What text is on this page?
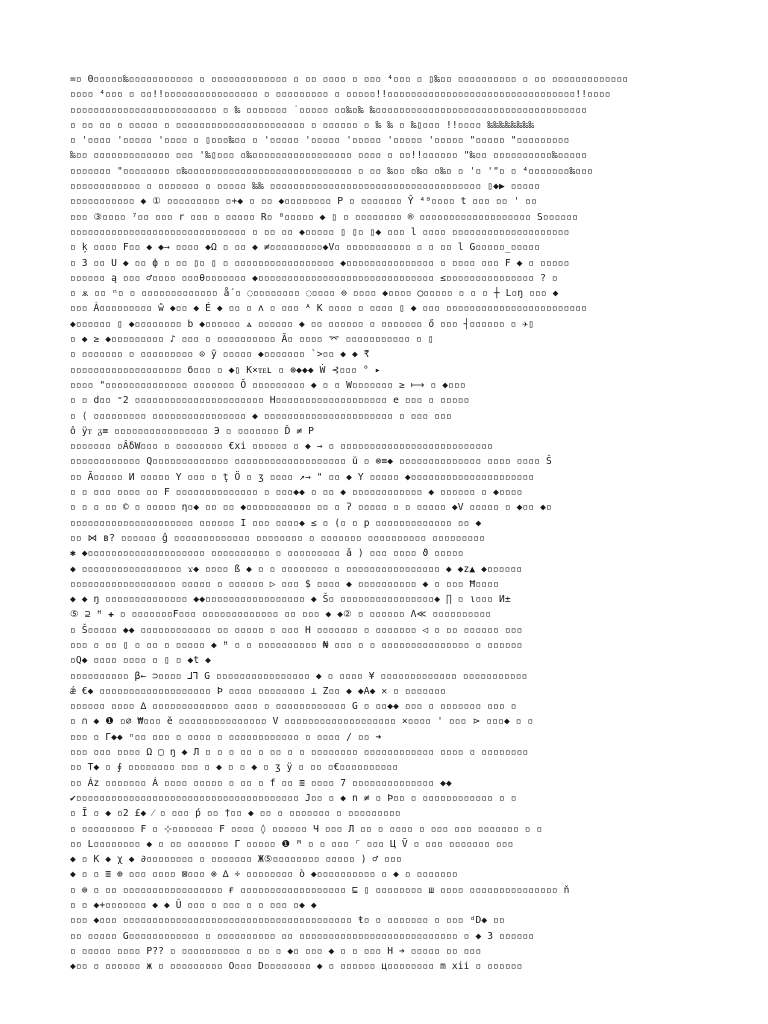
=▫ Θ▫▫▫▫▫‰▫▫▫▫▫▫▫▫▫▫▫ ▫ ▫▫▫▫▫▫▫▫▫▫▫▫▫ ▫ ▫▫ ▫▫▫▫ ▫ ▫▫▫ ⁴▫▫▫ ▫ ▯‰▫▫ ▫▫▫▫▫▫▫▫▫▫ ▫ ▫▫ ▫▫▫▫▫▫▫▫▫▫▫▫▫
▫▫▫▫ ⁴▫▫▫ ▫ ▫▫!!▫▫▫▫▫▫▫▫▫▫▫▫▫▫▫▫ ▫ ▫▫▫▫▫▫▫▫▫ ▫ ▫▫▫▫▫!!▫▫▫▫▫▫▫▫▫▫▫▫▫▫▫▫▫▫▫▫▫▫▫▫▫▫▫▫▫▫▫▫!!▫▫▫▫
▫▫▫▫▫▫▫▫▫▫▫▫▫▫▫▫▫▫▫▫▫▫▫▫▫ ▫ ‰ ▫▫▫▫▫▫▫ ˙▫▫▫▫▫ ▫▫‰▫‰ ‰▫▫▫▫▫▫▫▫▫▫▫▫▫▫▫▫▫▫▫▫▫▫▫▫▫▫▫▫▫▫▫▫▫▫▫▫
▫ ▫▫ ▫▫ ▫ ▫▫▫▫▫ ▫ ▫▫▫▫▫▫▫▫▫▫▫▫▫▫▫▫▫▫▫▫▫▫ ▫ ▫▫▫▫▫▫ ▫ ‰ ‰ ▫ ‰▯▫▫▫ !!▫▫▫▫ ‰‰‰‰‰‰‰‰
▫ '▫▫▫▫ '▫▫▫▫▫ '▫▫▫▫ ▫ ▯▫▫▫‰▫▫ ▫ '▫▫▫▫▫ '▫▫▫▫▫ '▫▫▫▫▫ '▫▫▫▫▫ '▫▫▫▫▫ "▫▫▫▫▫ "▫▫▫▫▫▫▫▫▫
‰▫▫ ▫▫▫▫▫▫▫▫▫▫▫▫▫ ▫▫▫ '‰▯▫▫▫ ▫‰▫▫▫▫▫▫▫▫▫▫▫▫▫▫▫▫▫ ▫▫▫▫ ▫ ▫▫!!▫▫▫▫▫▫ "‰▫▫ ▫▫▫▫▫▫▫▫▫▫‰▫▫▫▫▫
▫▫▫▫▫▫▫ "▫▫▫▫▫▫▫▫ ▫‰▫▫▫▫▫▫▫▫▫▫▫▫▫▫▫▫▫▫▫▫▫▫▫▫▫▫▫▫ ▫ ▫▫ ‰▫▫ ▫‰▫ ▫‰▫ ▫ '▫ '"▫ ▫ ⁴▫▫▫▫▫▫▫‰▫▫▫
▫▫▫▫▫▫▫▫▫▫▫▫ ▫ ▫▫▫▫▫▫▫ ▫ ▫▫▫▫▫ ‰‰ ▫▫▫▫▫▫▫▫▫▫▫▫▫▫▫▫▫▫▫▫▫▫▫▫▫▫▫▫▫▫▫▫▫▫▫▫ ▯◆▶ ▫▫▫▫▫
▫▫▫▫▫▫▫▫▫▫▫ ◆ ① ▫▫▫▫▫▫▫▫▫ ▫+◆ ▫ ▫▫ ◆▫▫▫▫▫▫▫▫ P ▫ ▫▫▫▫▫▫▫ Ŷ ⁴⁰▫▫▫▫ t ▫▫▫ ▫▫ ' ▫▫
▫▫▫ ③▫▫▫▫ ⁷▫▫ ▫▫▫ r ▫▫▫ ▫ ▫▫▫▫▫ R▫ ⁰▫▫▫▫▫ ◆ ▯ ▫ ▫▫▫▫▫▫▫▫ ® ▫▫▫▫▫▫▫▫▫▫▫▫▫▫▫▫▫▫▫ S▫▫▫▫▫▫
▫▫▫▫▫▫▫▫▫▫▫▫▫▫▫▫▫▫▫▫▫▫▫▫▫▫▫▫▫▫ ▫ ▫▫ ▫▫ ◆▫▫▫▫▫ ▯ ▯▫ ▯◆ ▫▫▫ l ▫▫▫▫ ▫▫▫▫▫▫▫▫▫▫▫▫▫▫▫▫▫▫▫▫
▫ ķ ▫▫▫▫ F▫▫ ◆ ◆→ ▫▫▫▫ ◆Ω ▫ ▫▫ ◆ ≠▫▫▫▫▫▫▫▫▫◆V▫ ▫▫▫▫▫▫▫▫▫▫▫ ▫ ▫ ▫▫ l G▫▫▫▫▫_▫▫▫▫▫
▫ 3 ▫▫ U ◆ ▫▫ ф ▫ ▫▫ ▯▫ ▯ ▫ ▫▫▫▫▫▫▫▫▫▫▫▫▫▫▫▫▫ ◆▫▫▫▫▫▫▫▫▫▫▫▫▫▫▫ ▫ ▫▫▫▫ ▫▫▫ F ◆ ▫ ▫▫▫▫▫
▫▫▫▫▫▫ ą ▫▫▫ ♂▫▫▫▫ ▫▫▫θ▫▫▫▫▫▫▫ ◆▫▫▫▫▫▫▫▫▫▫▫▫▫▫▫▫▫▫▫▫▫▫▫▫▫▫▫▫▫▫ ≤▫▫▫▫▫▫▫▫▫▫▫▫▫▫▫ ? ▫
▫ ѫ ▫▫ ⁿ▫ ▫ ▫▫▫▫▫▫▫▫▫▫▫▫▫ ǻ ▫ ◌▫▫▫▫▫▫▫▫ ◌▫▫▫▫ ⊖ ▫▫▫▫ ◆▫▫▫▫ ◯▫▫▫▫▫ ▫ ▫ ▫ ┼ L▫ŋ ▫▫▫ ◆
▫▫▫ À▫▫▫▫▫▫▫▫▫ ŵ ◆▫▫ ◆ É ◆ ▫▫ ▫ ʌ ▫ ▫▫▫ ᴬ K ▫▫▫▫ ▫ ▫▫▫▫ ▯ ◆ ▫▫▫ ▫▫▫▫▫▫▫▫▫▫▫▫▫▫▫▫▫▫▫▫▫▫▫▫
◆▫▫▫▫▫▫ ▯ ◆▫▫▫▫▫▫▫▫ b ◆▫▫▫▫▫▫ ѧ ▫▫▫▫▫▫ ◆ ▫▫ ▫▫▫▫▫▫ ▫ ▫▫▫▫▫▫▫ ő ▫▫▫ ┤▫▫▫▫▫▫ ▫ ✈▯
▫ ◆ ≥ ◆▫▫▫▫▫▫▫▫▫ ♪ ▫▫▫ ▫ ▫▫▫▫▫▫▫▫▫▫ Ă▫ ▫▫▫▫ ⌤ ▫▫▫▫▫▫▫▫▫▫▫ ▫ ▯
▫ ▫▫▫▫▫▫▫ ▫ ▫▫▫▫▫▫▫▫▫ ⊙ ỹ ▫▫▫▫▫ ◆▫▫▫▫▫▫▫ `>▫▫ ◆ ◆ ₹
▫▫▫▫▫▫▫▫▫▫▫▫▫▫▫▫▫▫▫ б▫▫▫ ▫ ◆▯ K×ᴛᴇʟ ▫ ⊛◆◆◆ Ẇ ⊰▫▫▫ ° ▸
▫▫▫▫ "▫▫▫▫▫▫▫▫▫▫▫▫▫▫ ▫▫▫▫▫▫▫ Ŏ ▫▫▫▫▫▫▫▫▫ ◆ ▫ ▫ W▫▫▫▫▫▫▫ ≥ ⟼ ▫ ◆▫▫▫
▫ ▫ d▫▫ ⁼2 ▫▫▫▫▫▫▫▫▫▫▫▫▫▫▫▫▫▫▫▫▫▫ H▫▫▫▫▫▫▫▫▫▫▫▫▫▫▫▫▫▫▫ e ▫▫▫ ▫ ▫▫▫▫▫
▫ ⟨ ▫▫▫▫▫▫▫▫▫ ▫▫▫▫▫▫▫▫▫▫▫▫▫▫▫▫ ◆ ▫▫▫▫▫▫▫▫▫▫▫▫▫▫▫▫▫▫▫▫▫▫ ▫ ▫▫▫ ▫▫▫
ô ÿᴛ ᵹ≡ ▫▫▫▫▫▫▫▫▫▫▫▫▫▫▫▫ Э ▫ ▫▫▫▫▫▫▫ Ď ≠ P
▫▫▫▫▫▫▫ ▫ÂδW▫▫▫ ▫ ▫▫▫▫▫▫▫▫ €xi ▫▫▫▫▫▫ ▫ ◆ → ▫ ▫▫▫▫▫▫▫▫▫▫▫▫▫▫▫▫▫▫▫▫▫▫▫▫▫▫
▫▫▫▫▫▫▫▫▫▫▫▫ Q▫▫▫▫▫▫▫▫▫▫▫▫▫ ▫▫▫▫▫▫▫▫▫▫▫▫▫▫▫▫▫▫▫ ŭ ▫ ⊗≡◆ ▫▫▫▫▫▫▫▫▫▫▫▫▫▫ ▫▫▫▫ ▫▫▫▫ Ŝ
▫▫ Ă▫▫▫▫▫ И ▫▫▫▫▫ Y ▫▫▫ ▫ ţ Ö ▫ ʒ ▫▫▫▫ ↗→ " ▫▫ ◆ Y ▫▫▫▫▫ ◆▫▫▫▫▫▫▫▫▫▫▫▫▫▫▫▫▫▫▫▫▫
▫ ▫ ▫▫▫ ▫▫▫▫ ▫▫ F ▫▫▫▫▫▫▫▫▫▫▫▫▫▫ ▫ ▫▫▫◆◆ ▫ ▫▫ ◆ ▫▫▫▫▫▫▫▫▫▫▫▫ ◆ ▫▫▫▫▫▫ ▫ ◆▫▫▫▫
▫ ▫ ▫ ▫▫ © ▫ ▫▫▫▫▫ η▫◆ ▫▫ ▫▫ ◆▫▫▫▫▫▫▫▫▫▫▫ ▫▫ ▫ ʔ ▫▫▫▫▫ ▫ ▫ ▫▫▫▫▫ ◆V ▫▫▫▫▫ ▫ ◆▫▫ ◆▫
▫▫▫▫▫▫▫▫▫▫▫▫▫▫▫▫▫▫▫▫▫ ▫▫▫▫▫▫ I ▫▫▫ ▫▫▫▫◆ ≤ ▫ (▫ ▫ p ▫▫▫▫▫▫▫▫▫▫▫▫▫ ▫▫ ◆
▫▫ ⋈ ʙ? ▫▫▫▫▫▫ ĝ ▫▫▫▫▫▫▫▫▫▫▫▫▫ ▫▫▫▫▫▫▫▫ ▫ ▫▫▫▫▫▫▫ ▫▫▫▫▫▫▫▫▫▫ ▫▫▫▫▫▫▫▫▫
✱ ◆▫▫▫▫▫▫▫▫▫▫▫▫▫▫▫▫▫▫▫▫ ▫▫▫▫▫▫▫▫▫▫ ▫ ▫▫▫▫▫▫▫▫▫ ǎ ) ▫▫▫ ▫▫▫▫ ϑ ▫▫▫▫▫
◆ ▫▫▫▫▫▫▫▫▫▫▫▫▫▫▫▫▫ ϫ◆ ▫▫▫▫ ß ◆ ▫ ▫ ▫▫▫▫▫▫▫▫ ▫ ▫▫▫▫▫▫▫▫▫▫▫▫▫▫▫▫ ◆ ◆z▲ ◆▫▫▫▫▫▫
▫▫▫▫▫▫▫▫▫▫▫▫▫▫▫▫▫▫ ▫▫▫▫▫ ▫ ▫▫▫▫▫▫ ▷ ▫▫▫ $ ▫▫▫▫ ◆ ▫▫▫▫▫▫▫▫▫▫ ◆ ▫ ▫▫▫ Ħ▫▫▫▫
◆ ◆ ŋ ▫▫▫▫▫▫▫▫▫▫▫▫▫▫ ◆◆▫▫▫▫▫▫▫▫▫▫▫▫▫▫▫▫▫ ◆ Š▫ ▫▫▫▫▫▫▫▫▫▫▫▫▫▫▫▫◆ ∏ ▫ ι▫▫▫ И±
⑤ ⊇ ᴴ ✚ ▫ ▫▫▫▫▫▫▫F▫▫▫ ▫▫▫▫▫▫▫▫▫▫▫▫▫ ▫▫ ▫▫▫ ◆ ◆② ▫ ▫▫▫▫▫▫ Λ≪ ▫▫▫▫▫▫▫▫▫▫
▫ Š▫▫▫▫▫ ◆◆ ▫▫▫▫▫▫▫▫▫▫▫▫ ▫▫ ▫▫▫▫▫ ▫ ▫▫▫ H ▫▫▫▫▫▫▫ ▫ ▫▫▫▫▫▫▫ ◁ ▫ ▫▫ ▫▫▫▫▫▫ ▫▫▫
▫▫▫ ▫ ▫▫ ▯ ▫ ▫▫ ▫ ▫▫▫▫▫ ◆ ᴴ ▫ ▫ ▫▫▫▫▫▫▫▫▫▫ ₦ ▫▫▫ ▫ ▫ ▫▫▫▫▫▫▫▫▫▫▫▫▫▫▫ ▫ ▫▫▫▫▫▫
▫Q◆ ▫▫▫▫ ▫▫▫▫ ▫ ▯ ▫ ◆t ◆
▫▫▫▫▫▫▫▫▫▫ β← ⊃▫▫▫▫ ⅃⅂ G ▫▫▫▫▫▫▫▫▫▫▫▫▫▫▫▫ ◆ ▫ ▫▫▫▫ ¥ ▫▫▫▫▫▫▫▫▫▫▫▫▫ ▫▫▫▫▫▫▫▫▫▫▫
ǽ €◆ ▫▫▫▫▫▫▫▫▫▫▫▫▫▫▫▫▫▫▫ Þ ▫▫▫▫ ▫▫▫▫▫▫▫▫ ⊥ Z▫▫ ◆ ◆A◆ ✕ ▫ ▫▫▫▫▫▫▫
▫▫▫▫▫▫ ▫▫▫▫ ∆ ▫▫▫▫▫▫▫▫▫▫▫▫▫ ▫▫▫▫ ▫ ▫▫▫▫▫▫▫▫▫▫▫▫ G ▫ ▫▫◆◆ ▫▫▫ ▫ ▫▫▫▫▫▫▫ ▫▫▫ ▫
▫ ∩ ◆ ❶ ▫⌀ ₩▫▫▫ ĕ ▫▫▫▫▫▫▫▫▫▫▫▫▫▫▫ V ▫▫▫▫▫▫▫▫▫▫▫▫▫▫▫▫▫▫▫ ×▫▫▫▫ ' ▫▫▫ ⋗ ▫▫▫◆ ▫ ▫
▫▫▫ ▫ Γ◆◆ ⁿ▫▫ ▫▫▫ ▫ ▫▫▫▫ ▫ ▫▫▫▫▫▫▫▫▫▫▫▫ ▫ ▫▫▫▫ / ▫▫ ➜
▫▫▫ ▫▫▫ ▫▫▫▫ Ω ▢ ŋ ◆ Л ▫ ▫ ▫ ▫▫ ▫ ▫▫ ▫ ▫ ▫▫▫▫▫▫▫▫ ▫▫▫▫▫▫▫▫▫▫▫▫ ▫▫▫▫ ▫ ▫▫▫▫▫▫▫▫
▫▫ T◆ ▫ ∮ ▫▫▫▫▫▫▫▫ ▫▫▫ ▫ ◆ ▫ ▫ ◆ ▫ ʒ ÿ ▫ ▫▫ ▫€▫▫▫▫▫▫▫▫▫▫
▫▫ Áz ▫▫▫▫▫▫▫ Á ▫▫▫▫ ▫▫▫▫▫ ▫ ▫▫ ▫ f ▫▫ ≣ ▫▫▫▫ 7 ▫▫▫▫▫▫▫▫▫▫▫▫▫▫ ◆◆
✔▫▫▫▫▫▫▫▫▫▫▫▫▫▫▫▫▫▫▫▫▫▫▫▫▫▫▫▫▫▫▫▫▫▫▫▫▫▫ J▫▫ ▫ ◆ n ≠ ▫ Þ▫▫ ▫ ▫▫▫▫▫▫▫▫▫▫▫▫ ▫ ▫
▫ Ĩ ▫ ◆ ▫2 £◆ ⁄ ▫ ▫▫▫ ṕ ▫▫ †▫▫ ◆ ▫▫ ▫ ▫▫▫▫▫▫▫ ▫ ▫▫▫▫▫▫▫▫▫
▫ ▫▫▫▫▫▫▫▫▫ F ▫ ⊹▫▫▫▫▫▫▫ F ▫▫▫▫ ◊ ▫▫▫▫▫▫ Ч ▫▫▫ Л ▫▫ ▫ ▫▫▫▫ ▫ ▫▫▫ ▫▫▫ ▫▫▫▫▫▫▫ ▫ ▫
▫▫ L▫▫▫▫▫▫▫▫ ◆ ▫ ▫▫ ▫▫▫▫▫▫▫ Γ ▫▫▫▫▫ ❶ ᴹ ▫ ▫ ▫▫▫ ⌜ ▫▫▫ Ц Ṽ ▫ ▫▫▫ ▫▫▫▫▫▫▫ ▫▫▫
◆ ▫ K ◆ χ ◆ ∂▫▫▫▫▫▫▫▫ ▫ ▫▫▫▫▫▫▫ Ж⑤▫▫▫▫▫▫▫▫ ▫▫▫▫▫ ) ♂ ▫▫▫
◆ ▫ ▫ ≣ ⊕ ▫▫▫ ▫▫▫▫ ⊠▫▫▫ ⊚ ∆ ÷ ▫▫▫▫▫▫▫▫ ò ◆▫▫▫▫▫▫▫▫▫▫ ▫ ◆ ▫ ▫▫▫▫▫▫▫
▫ ⊚ ▫ ▫▫ ▫▫▫▫▫▫▫▫▫▫▫▫▫▫▫▫▫ ғ ▫▫▫▫▫▫▫▫▫▫▫▫▫▫▫▫▫▫ ⊑ ▯ ▫▫▫▫▫▫▫▫ ш ▫▫▫▫ ▫▫▫▫▫▫▫▫▫▫▫▫▫▫▫ ň
▫ ▫ ◆+▫▫▫▫▫▫▫ ◆ ◆ Û ▫▫▫ ▫ ▫▫▫ ▫ ▫ ▫▫▫ ▫◆ ◆
▫▫▫ ◆▫▫▫ ▫▫▫▫▫▫▫▫▫▫▫▫▫▫▫▫▫▫▫▫▫▫▫▫▫▫▫▫▫▫▫▫▫▫▫▫▫▫▫ ŧ▫ ▫ ▫▫▫▫▫▫▫ ▫ ▫▫▫ ᵈD◆ ▫▫
▫▫ ▫▫▫▫▫ G▫▫▫▫▫▫▫▫▫▫▫▫ ▫ ▫▫▫▫▫▫▫▫▫▫ ▫▫ ▫▫▫▫▫▫▫▫▫▫▫▫▫▫▫▫▫▫▫▫▫▫▫▫▫▫▫ ▫ ◆ 3 ▫▫▫▫▫▫
▫ ▫▫▫▫▫ ▫▫▫▫ P?? ▫ ▫▫▫▫▫▫▫▫▫▫ ▫ ▫▫ ▫ ◆▫ ▫▫▫ ◆ ▫ ▫ ▫▫▫ H ➔ ▫▫▫▫▫ ▫▫ ▫▫▫
◆▫▫ ▫ ▫▫▫▫▫▫ ж ▫ ▫▫▫▫▫▫▫▫▫ O▫▫▫ D▫▫▫▫▫▫▫▫ ◆ ▫ ▫▫▫▫▫▫ ц▫▫▫▫▫▫▫▫ m xii ▫ ▫▫▫▫▫▫
